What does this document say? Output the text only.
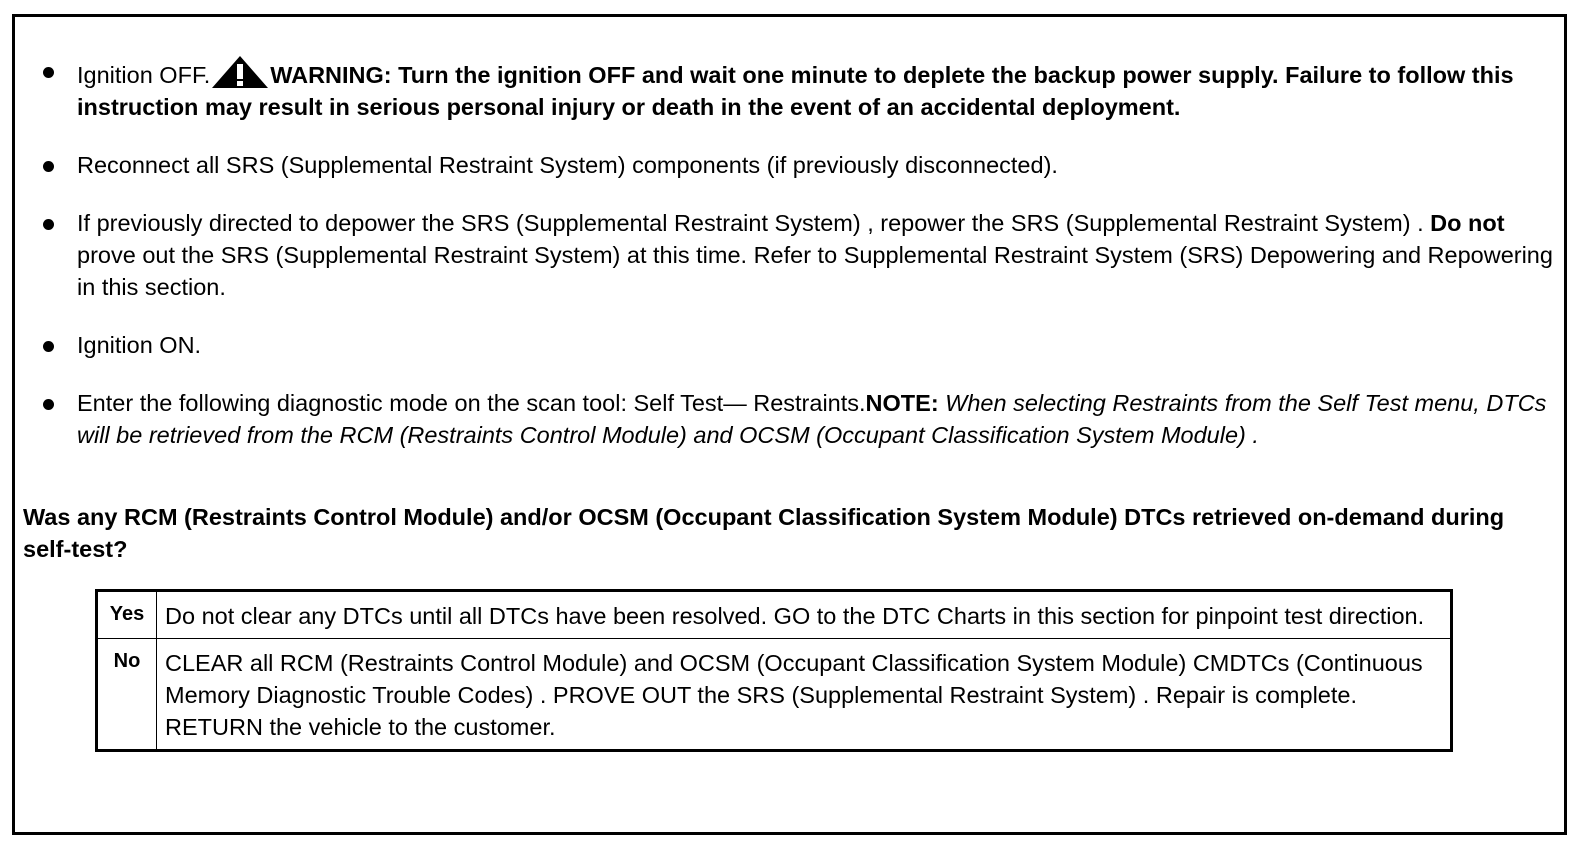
Ignition OFF.	WARNING: Turn the ignition OFF and wait one minute to deplete the backup power supply. Failure to follow this instruction may result in serious personal injury or death in the event of an accidental deployment.
Reconnect all SRS (Supplemental Restraint System) components (if previously disconnected).
If previously directed to depower the SRS (Supplemental Restraint System) , repower the SRS (Supplemental Restraint System) . Do not prove out the SRS (Supplemental Restraint System) at this time. Refer to Supplemental Restraint System (SRS) Depowering and Repowering in this section.
Ignition ON.
Enter the following diagnostic mode on the scan tool: Self Test— Restraints.NOTE: When selecting Restraints from the Self Test menu, DTCs will be retrieved from the RCM (Restraints Control Module) and OCSM (Occupant Classification System Module) .
Was any RCM (Restraints Control Module) and/or OCSM (Occupant Classification System Module) DTCs retrieved on-demand during self-test?
Yes	Do not clear any DTCs until all DTCs have been resolved. GO to the DTC Charts in this section for pinpoint test direction.
No	CLEAR all RCM (Restraints Control Module) and OCSM (Occupant Classification System Module) CMDTCs (Continuous Memory Diagnostic Trouble Codes) . PROVE OUT the SRS (Supplemental Restraint System) . Repair is complete. RETURN the vehicle to the customer.
